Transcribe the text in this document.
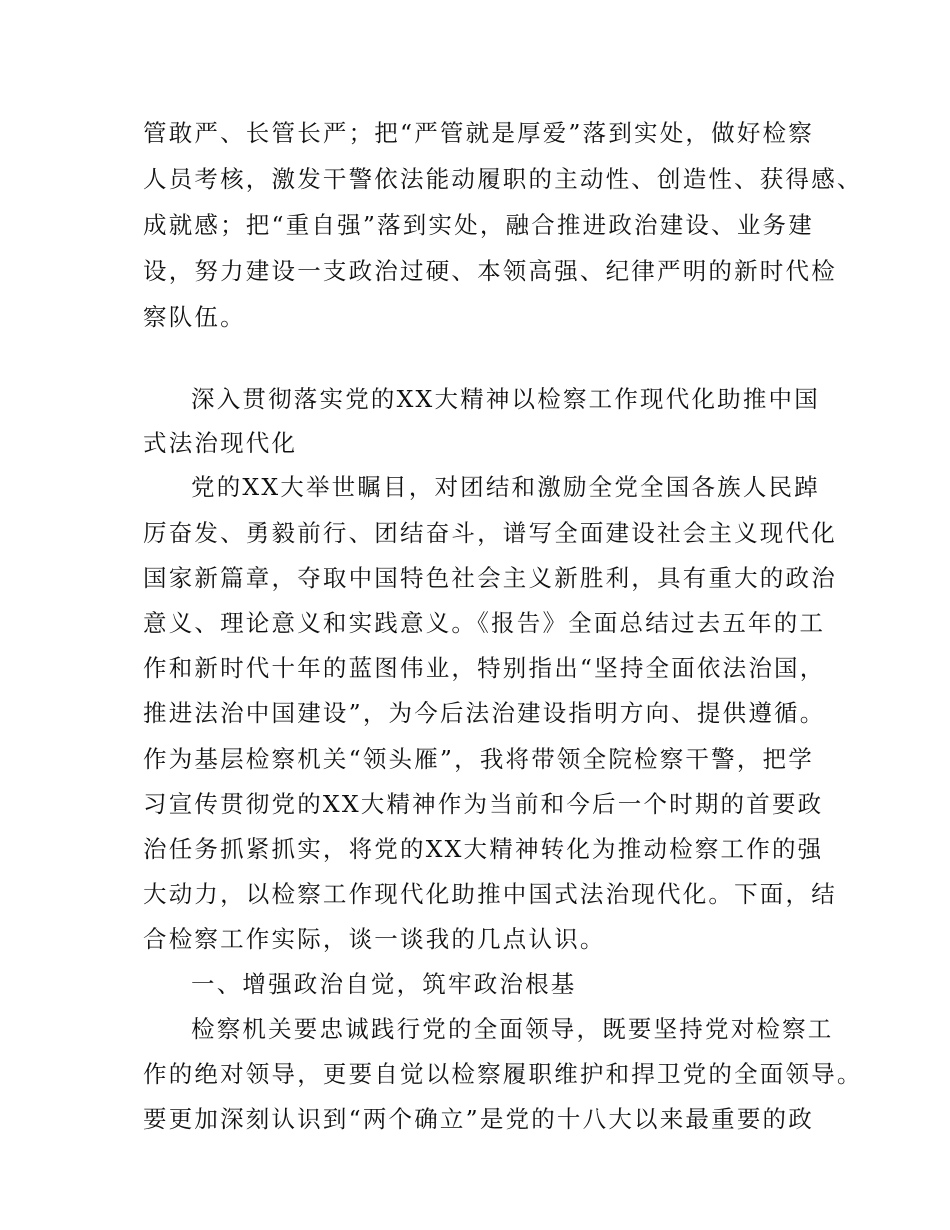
管敢严、长管长严；把“严管就是厚爱”落到实处，做好检察
人员考核，激发干警依法能动履职的主动性、创造性、获得感、
成就感；把“重自强”落到实处，融合推进政治建设、业务建
设，努力建设一支政治过硬、本领高强、纪律严明的新时代检
察队伍。
深入贯彻落实党的XX大精神以检察工作现代化助推中国
式法治现代化
党的XX大举世瞩目，对团结和激励全党全国各族人民踔
厉奋发、勇毅前行、团结奋斗，谱写全面建设社会主义现代化
国家新篇章，夺取中国特色社会主义新胜利，具有重大的政治
意义、理论意义和实践意义。《报告》全面总结过去五年的工
作和新时代十年的蓝图伟业，特别指出“坚持全面依法治国，
推进法治中国建设”，为今后法治建设指明方向、提供遵循。
作为基层检察机关“领头雁”，我将带领全院检察干警，把学
习宣传贯彻党的XX大精神作为当前和今后一个时期的首要政
治任务抓紧抓实，将党的XX大精神转化为推动检察工作的强
大动力，以检察工作现代化助推中国式法治现代化。下面，结
合检察工作实际，谈一谈我的几点认识。
一、增强政治自觉，筑牢政治根基
检察机关要忠诚践行党的全面领导，既要坚持党对检察工
作的绝对领导，更要自觉以检察履职维护和捍卫党的全面领导。
要更加深刻认识到“两个确立”是党的十八大以来最重要的政
